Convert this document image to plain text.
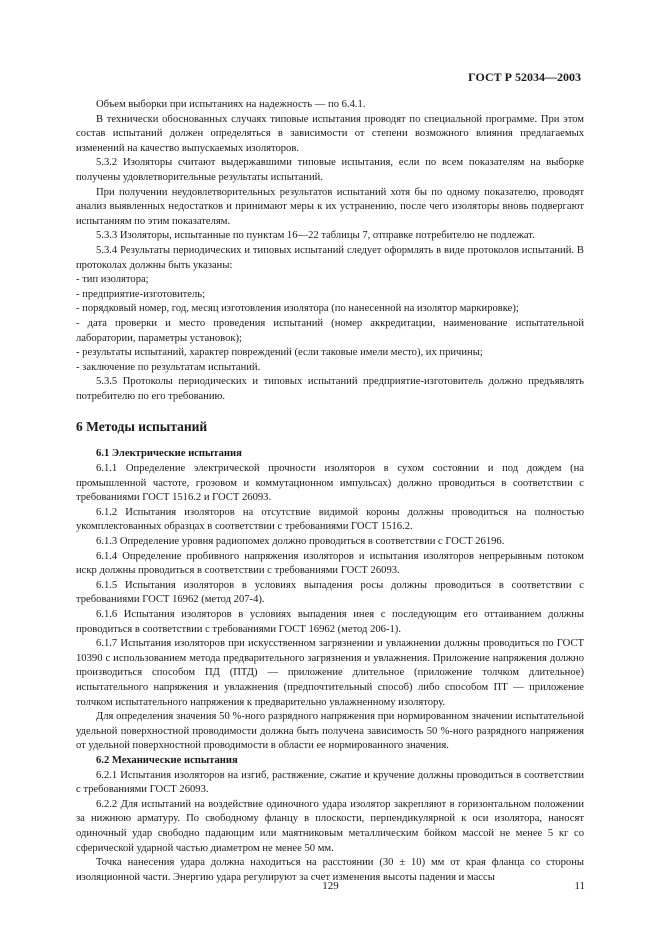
ГОСТ Р 52034—2003

Объем выборки при испытаниях на надежность — по 6.4.1.

В технически обоснованных случаях типовые испытания проводят по специальной программе. При этом состав испытаний должен определяться в зависимости от степени возможного влияния предлагаемых изменений на качество выпускаемых изоляторов.

5.3.2 Изоляторы считают выдержавшими типовые испытания, если по всем показателям на выборке получены удовлетворительные результаты испытаний.

При получении неудовлетворительных результатов испытаний хотя бы по одному показателю, проводят анализ выявленных недостатков и принимают меры к их устранению, после чего изоляторы вновь подвергают испытаниям по этим показателям.

5.3.3 Изоляторы, испытанные по пунктам 16—22 таблицы 7, отправке потребителю не подлежат.

5.3.4 Результаты периодических и типовых испытаний следует оформлять в виде протоколов испытаний. В протоколах должны быть указаны:

- тип изолятора;

- предприятие-изготовитель;

- порядковый номер, год, месяц изготовления изолятора (по нанесенной на изолятор маркировке);

- дата проверки и место проведения испытаний (номер аккредитации, наименование испытательной лаборатории, параметры установок);

- результаты испытаний, характер повреждений (если таковые имели место), их причины;

- заключение по результатам испытаний.

5.3.5 Протоколы периодических и типовых испытаний предприятие-изготовитель должно предъявлять потребителю по его требованию.

6 Методы испытаний
6.1 Электрические испытания

6.1.1 Определение электрической прочности изоляторов в сухом состоянии и под дождем (на промышленной частоте, грозовом и коммутационном импульсах) должно проводиться в соответствии с требованиями ГОСТ 1516.2 и ГОСТ 26093.

6.1.2 Испытания изоляторов на отсутствие видимой короны должны проводиться на полностью укомплектованных образцах в соответствии с требованиями ГОСТ 1516.2.

6.1.3 Определение уровня радиопомех должно проводиться в соответствии с ГОСТ 26196.

6.1.4 Определение пробивного напряжения изоляторов и испытания изоляторов непрерывным потоком искр должны проводиться в соответствии с требованиями ГОСТ 26093.

6.1.5 Испытания изоляторов в условиях выпадения росы должны проводиться в соответствии с требованиями ГОСТ 16962 (метод 207-4).

6.1.6 Испытания изоляторов в условиях выпадения инея с последующим его оттаиванием должны проводиться в соответствии с требованиями ГОСТ 16962 (метод 206-1).

6.1.7 Испытания изоляторов при искусственном загрязнении и увлажнении должны проводиться по ГОСТ 10390 с использованием метода предварительного загрязнения и увлажнения. Приложение напряжения должно производиться способом ПД (ПТД) — приложение длительное (приложение толчком длительное) испытательного напряжения и увлажнения (предпочтительный способ) либо способом ПТ — приложение толчком испытательного напряжения к предварительно увлажненному изолятору.

Для определения значения 50 %-ного разрядного напряжения при нормированном значении испытательной удельной поверхностной проводимости должна быть получена зависимость 50 %-ного разрядного напряжения от удельной поверхностной проводимости в области ее нормированного значения.

6.2 Механические испытания

6.2.1 Испытания изоляторов на изгиб, растяжение, сжатие и кручение должны проводиться в соответствии с требованиями ГОСТ 26093.

6.2.2 Для испытаний на воздействие одиночного удара изолятор закрепляют в горизонтальном положении за нижнюю арматуру. По свободному фланцу в плоскости, перпендикулярной к оси изолятора, наносят одиночный удар свободно падающим или маятниковым металлическим бойком массой не менее 5 кг со сферической ударной частью диаметром не менее 50 мм.

Точка нанесения удара должна находиться на расстоянии (30 ± 10) мм от края фланца со стороны изоляционной части. Энергию удара регулируют за счет изменения высоты падения и массы

129	11
